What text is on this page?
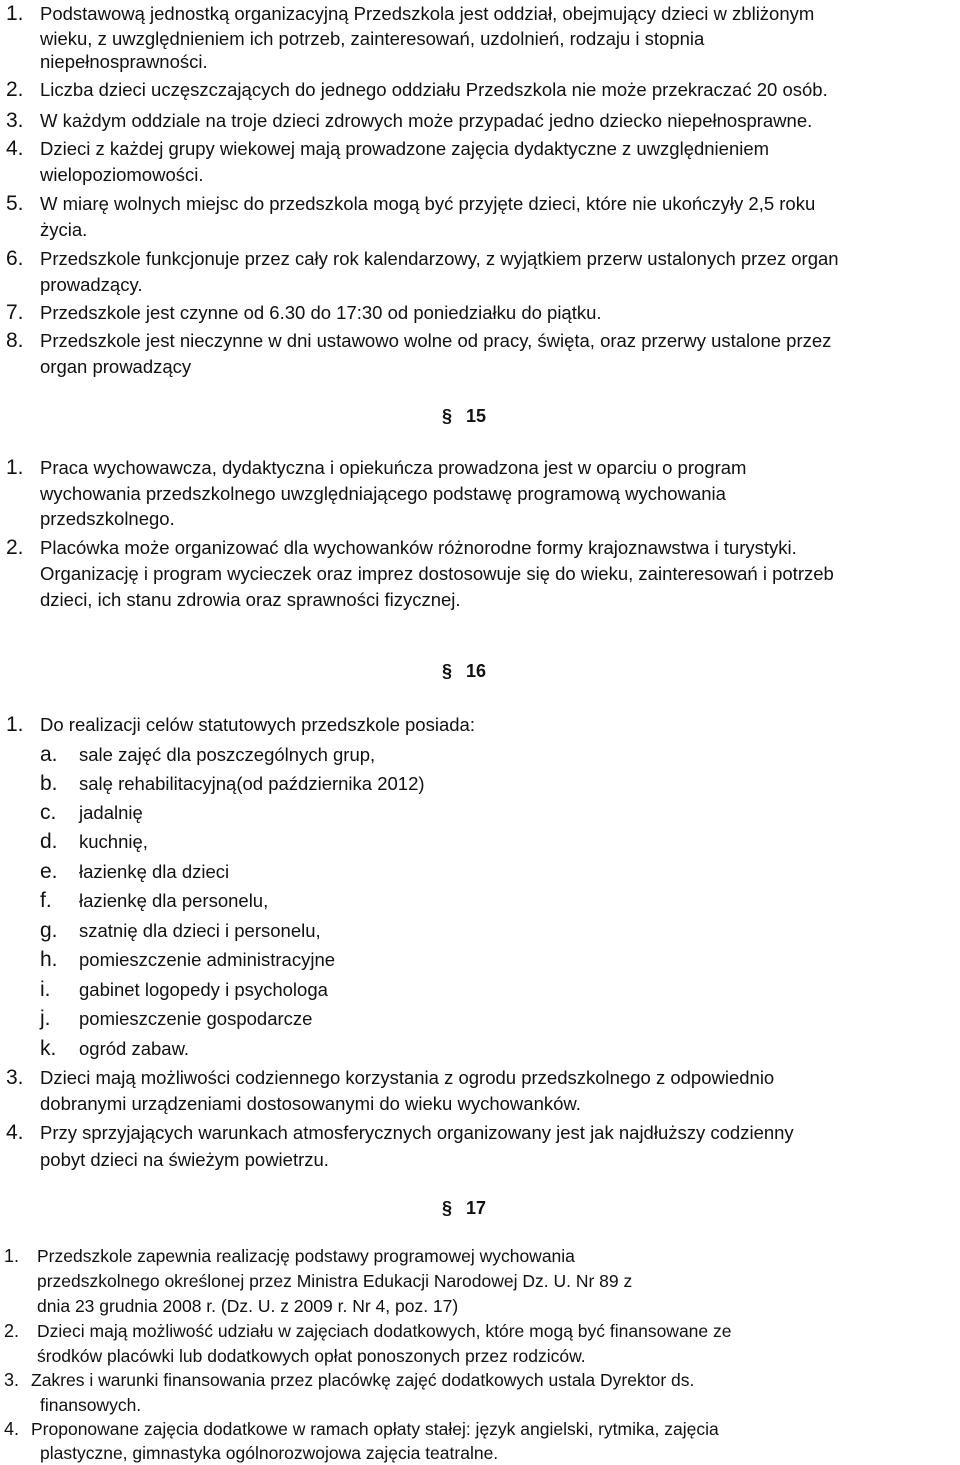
1. Podstawową jednostką organizacyjną Przedszkola jest oddział, obejmujący dzieci w zbliżonym
wieku, z uwzględnieniem ich potrzeb, zainteresowań, uzdolnień, rodzaju i stopnia
niepełnosprawności.
2. Liczba dzieci uczęszczających do jednego oddziału Przedszkola nie może przekraczać 20 osób.
3. W każdym oddziale na troje dzieci zdrowych może przypadać jedno dziecko niepełnosprawne.
4. Dzieci z każdej grupy wiekowej mają prowadzone zajęcia dydaktyczne z uwzględnieniem
wielopoziomowości.
5. W miarę wolnych miejsc do przedszkola mogą być przyjęte dzieci, które nie ukończyły 2,5 roku
życia.
6. Przedszkole funkcjonuje przez cały rok kalendarzowy, z wyjątkiem przerw ustalonych przez organ
prowadzący.
7. Przedszkole jest czynne od 6.30 do 17:30 od poniedziałku do piątku.
8. Przedszkole jest nieczynne w dni ustawowo wolne od pracy, święta, oraz przerwy ustalone przez
organ prowadzący
§ 15
1. Praca wychowawcza, dydaktyczna i opiekuńcza prowadzona jest w oparciu o program
wychowania przedszkolnego uwzględniającego podstawę programową wychowania
przedszkolnego.
2. Placówka może organizować dla wychowanków różnorodne formy krajoznawstwa i turystyki.
Organizację i program wycieczek oraz imprez dostosowuje się do wieku, zainteresowań i potrzeb
dzieci, ich stanu zdrowia oraz sprawności fizycznej.
§ 16
1. Do realizacji celów statutowych przedszkole posiada:
a. sale zajęć dla poszczególnych grup,
b. salę rehabilitacyjną(od października 2012)
c. jadalnię
d. kuchnię,
e. łazienkę dla dzieci
f. łazienkę dla personelu,
g. szatnię dla dzieci i personelu,
h. pomieszczenie administracyjne
i. gabinet logopedy i psychologa
j. pomieszczenie gospodarcze
k. ogród zabaw.
3. Dzieci mają możliwości codziennego korzystania z ogrodu przedszkolnego z odpowiednio
dobranymi urządzeniami dostosowanymi do wieku wychowanków.
4. Przy sprzyjających warunkach atmosferycznych organizowany jest jak najdłuższy codzienny
pobyt dzieci na świeżym powietrzu.
§ 17
1. Przedszkole zapewnia realizację podstawy programowej wychowania
przedszkolnego określonej przez Ministra Edukacji Narodowej Dz. U. Nr 89 z
dnia 23 grudnia 2008 r. (Dz. U. z 2009 r. Nr 4, poz. 17)
2. Dzieci mają możliwość udziału w zajęciach dodatkowych, które mogą być finansowane ze
środków placówki lub dodatkowych opłat ponoszonych przez rodziców.
3. Zakres i warunki finansowania przez placówkę zajęć dodatkowych ustala Dyrektor ds.
finansowych.
4. Proponowane zajęcia dodatkowe w ramach opłaty stałej: język angielski, rytmika, zajęcia
plastyczne, gimnastyka ogólnorozwojowa zajęcia teatralne.
